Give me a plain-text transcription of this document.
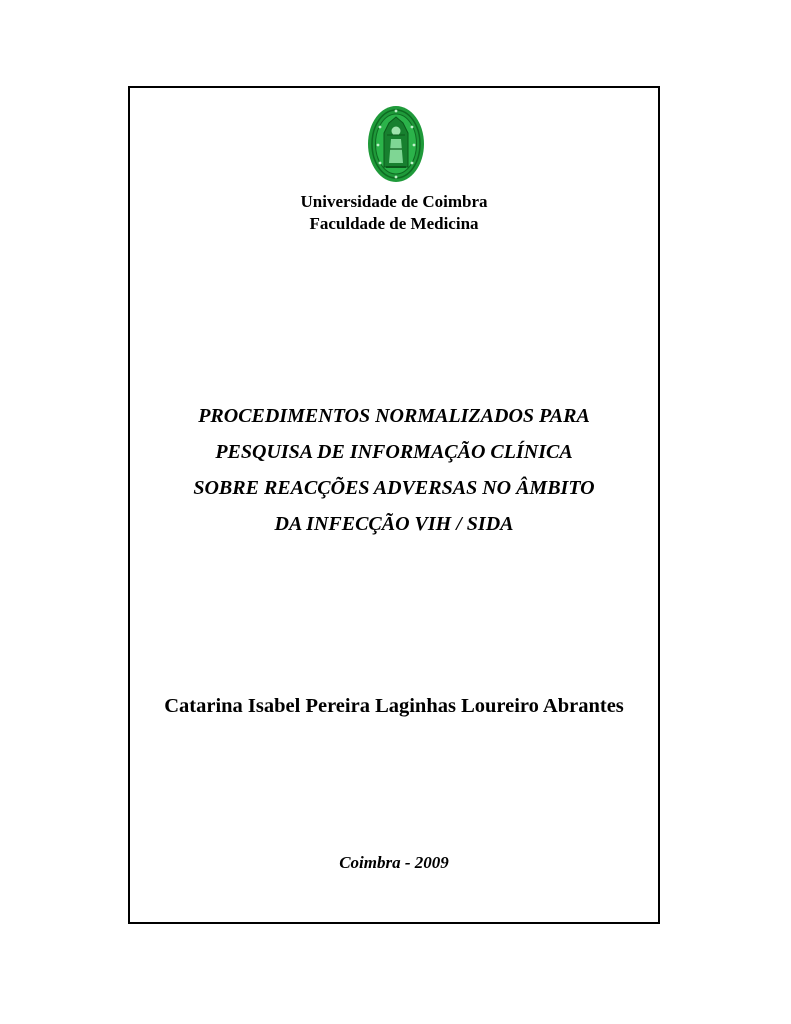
Universidade de Coimbra
Faculdade de Medicina
PROCEDIMENTOS NORMALIZADOS PARA
PESQUISA DE INFORMAÇÃO CLÍNICA
SOBRE REACÇÕES ADVERSAS NO ÂMBITO
DA INFECÇÃO VIH / SIDA
Catarina Isabel Pereira Laginhas Loureiro Abrantes
Coimbra - 2009
